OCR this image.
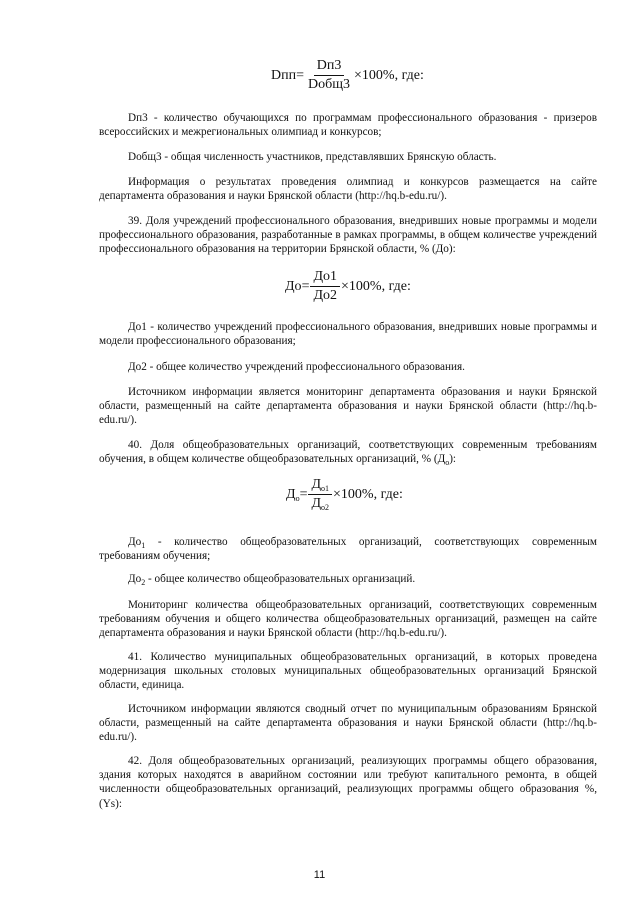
Dпп = $\frac{Dп3}{\text{Dобщ3}} \times 100\%$, где:

Dп3 - количество обучающихся по программам профессионального образования - призеров всероссийских и межрегиональных олимпиад и конкурсов;

Dобщ3 - общая численность участников, представлявших Брянскую область.

Информация о результатах проведения олимпиад и конкурсов размещается на сайте департамента образования и науки Брянской области (http://hq.b-edu.ru/).

39. Доля учреждений профессионального образования, внедривших новые программы и модели профессионального образования, разработанные в рамках программы, в общем количестве учреждений профессионального образования на территории Брянской области, % (До):

До = $\frac{До1}{До2} \times 100\%$, где:

До1 - количество учреждений профессионального образования, внедривших новые программы и модели профессионального образования;

До2 - общее количество учреждений профессионального образования.

Источником информации является мониторинг департамента образования и науки Брянской области, размещенный на сайте департамента образования и науки Брянской области (http://hq.b-edu.ru/).

40. Доля общеобразовательных организаций, соответствующих современным требованиям обучения, в общем количестве общеобразовательных организаций, % $(Д_о)$:

$Д_о = \frac{Д_{о1}}{Д_{о2}} \times 100\%$, где:

$До_1$ - количество общеобразовательных организаций, соответствующих современным требованиям обучения;

$До_2$ - общее количество общеобразовательных организаций.

Мониторинг количества общеобразовательных организаций, соответствующих современным требованиям обучения и общего количества общеобразовательных организаций, размещен на сайте департамента образования и науки Брянской области (http://hq.b-edu.ru/).

41. Количество муниципальных общеобразовательных организаций, в которых проведена модернизация школьных столовых муниципальных общеобразовательных организаций Брянской области, единица.

Источником информации являются сводный отчет по муниципальным образованиям Брянской области, размещенный на сайте департамента образования и науки Брянской области (http://hq.b-edu.ru/).

42. Доля общеобразовательных организаций, реализующих программы общего образования, здания которых находятся в аварийном состоянии или требуют капитального ремонта, в общей численности общеобразовательных организаций, реализующих программы общего образования %, (Ys):

11
